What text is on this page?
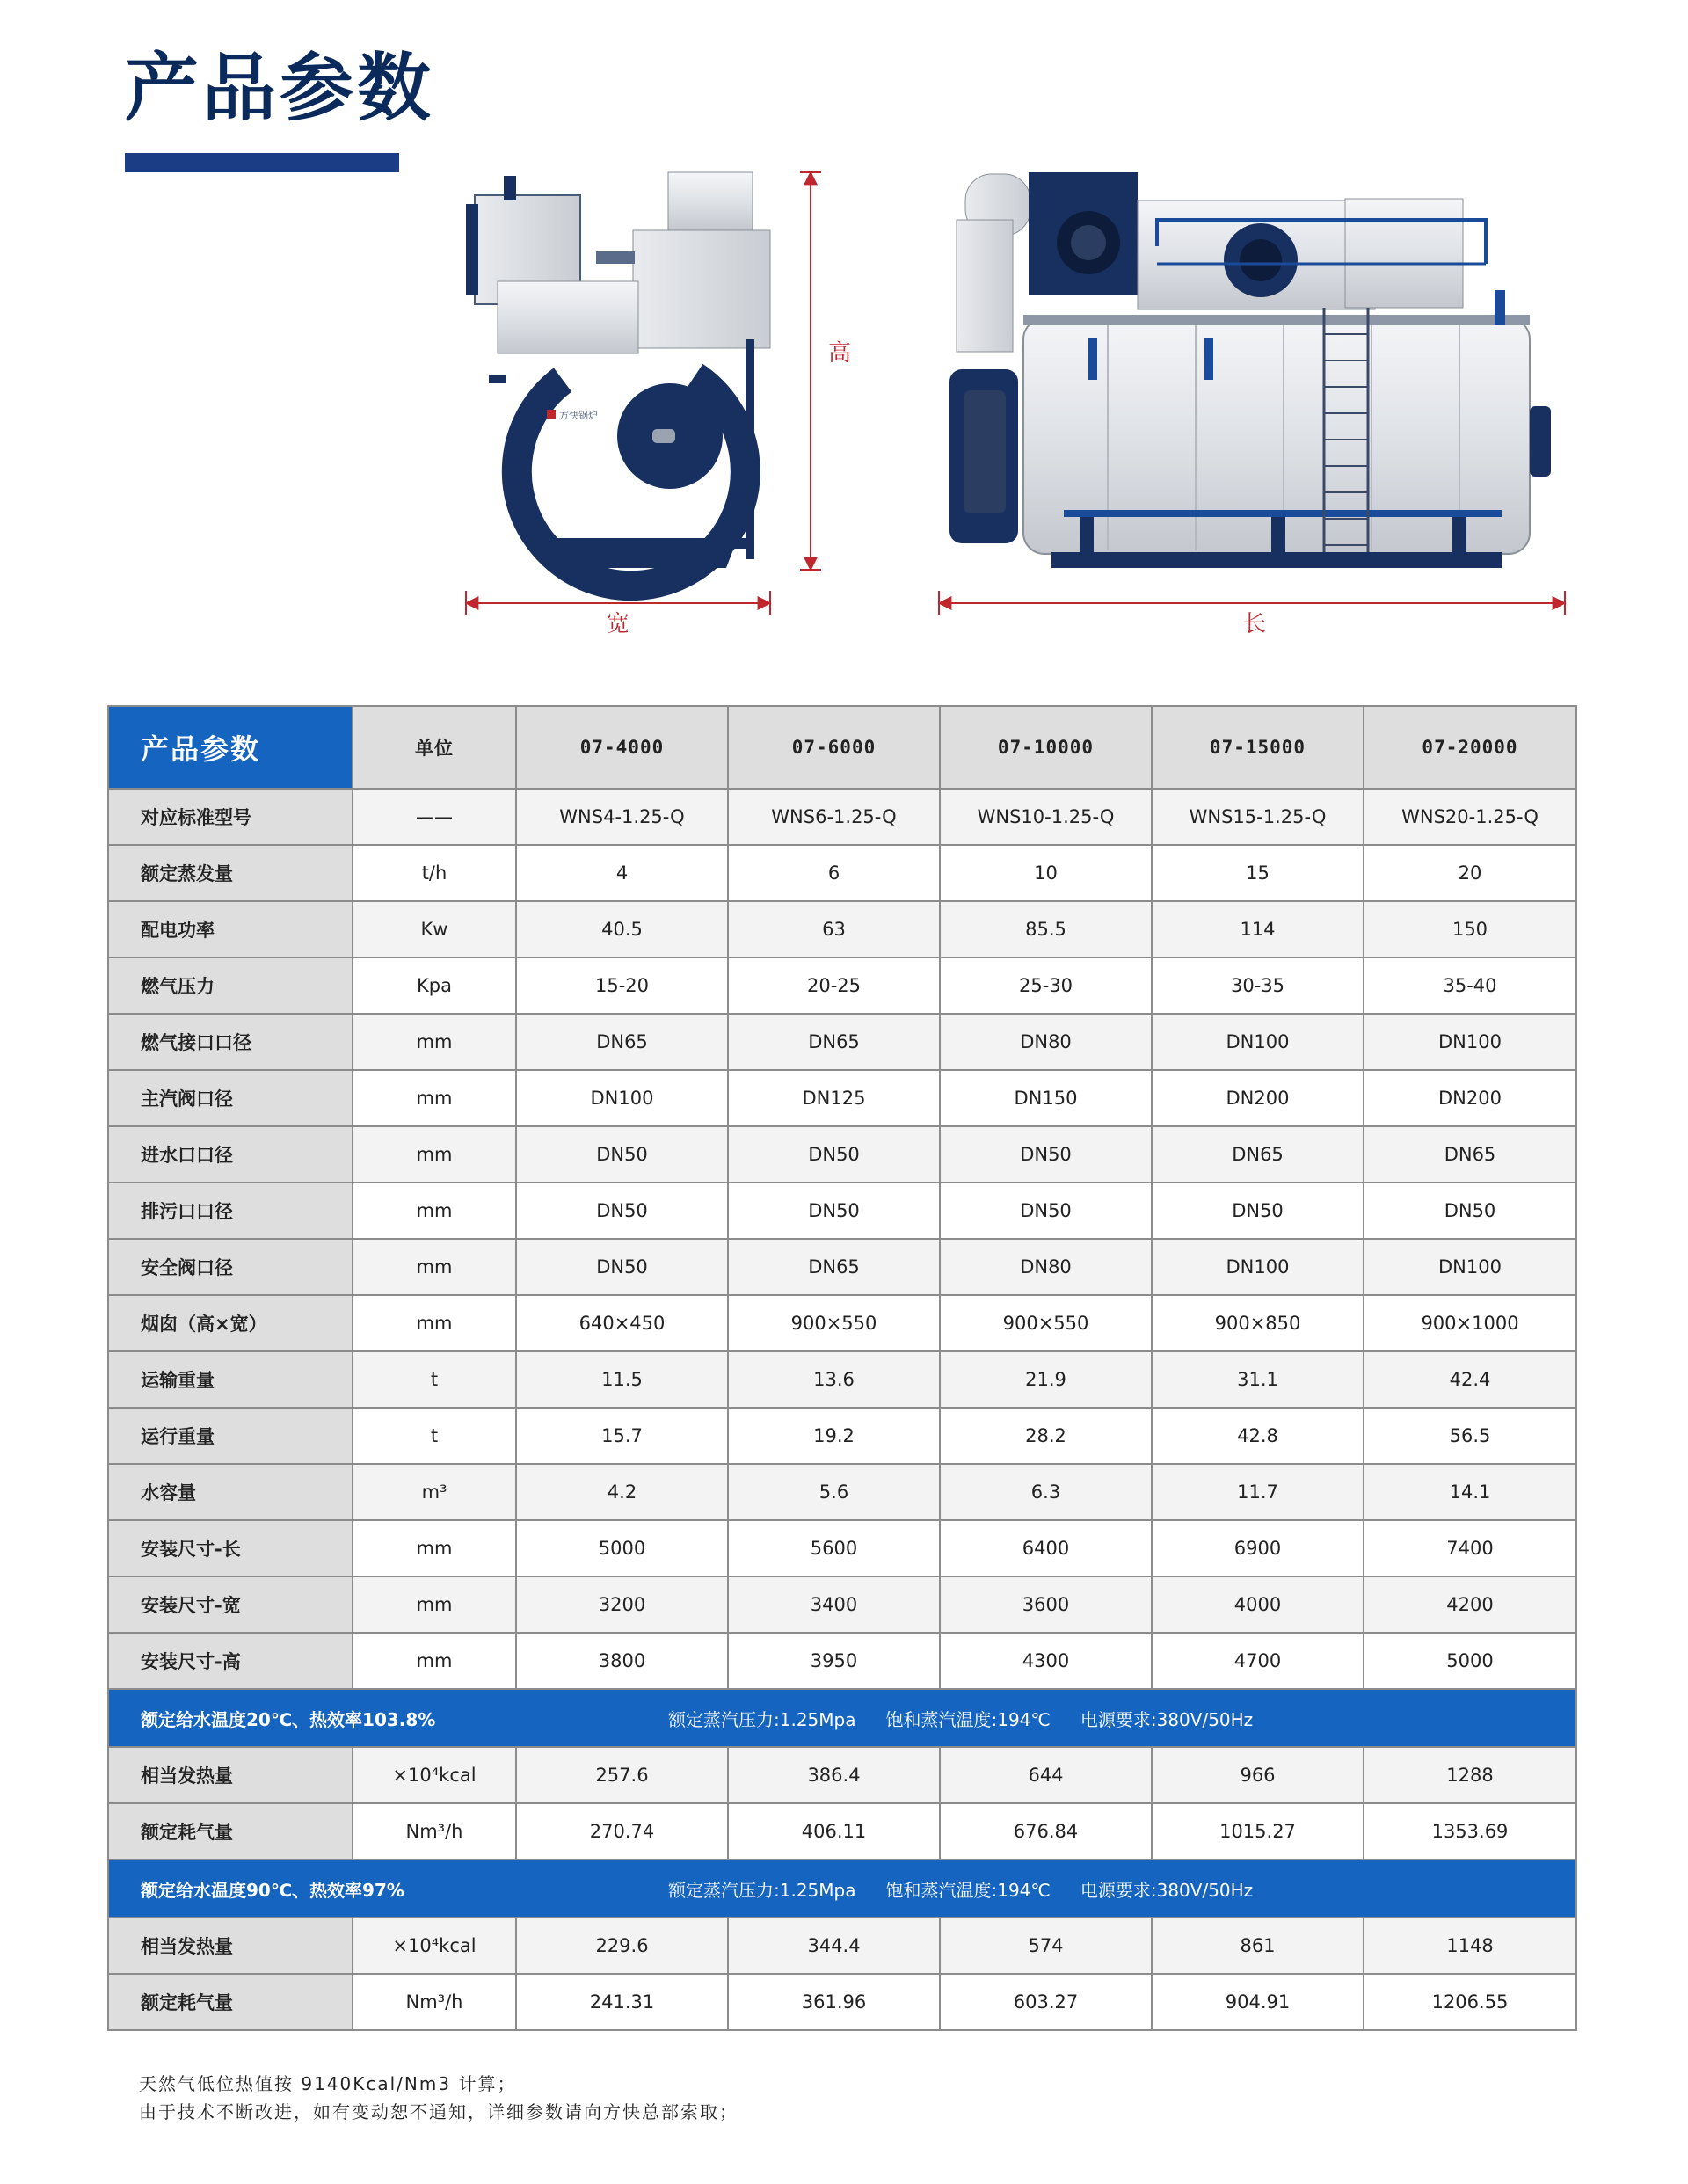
产品参数
方快锅炉
高
宽	长
产品参数	单位	07-4000	07-6000	07-10000	07-15000	07-20000
对应标准型号	——	WNS4-1.25-Q	WNS6-1.25-Q	WNS10-1.25-Q	WNS15-1.25-Q	WNS20-1.25-Q
额定蒸发量	t/h	4	6	10	15	20
配电功率	Kw	40.5	63	85.5	114	150
燃气压力	Kpa	15-20	20-25	25-30	30-35	35-40
燃气接口口径	mm	DN65	DN65	DN80	DN100	DN100
主汽阀口径	mm	DN100	DN125	DN150	DN200	DN200
进水口口径	mm	DN50	DN50	DN50	DN65	DN65
排污口口径	mm	DN50	DN50	DN50	DN50	DN50
安全阀口径	mm	DN50	DN65	DN80	DN100	DN100
烟囱（高×宽）	mm	640×450	900×550	900×550	900×850	900×1000
运输重量	t	11.5	13.6	21.9	31.1	42.4
运行重量	t	15.7	19.2	28.2	42.8	56.5
水容量	m³	4.2	5.6	6.3	11.7	14.1
安装尺寸-长	mm	5000	5600	6400	6900	7400
安装尺寸-宽	mm	3200	3400	3600	4000	4200
安装尺寸-高	mm	3800	3950	4300	4700	5000
额定给水温度20℃、热效率103.8% 额定蒸汽压力:1.25Mpa 饱和蒸汽温度:194℃ 电源要求:380V/50Hz						
相当发热量	×10⁴kcal	257.6	386.4	644	966	1288
额定耗气量	Nm³/h	270.74	406.11	676.84	1015.27	1353.69
额定给水温度90℃、热效率97% 额定蒸汽压力:1.25Mpa 饱和蒸汽温度:194℃ 电源要求:380V/50Hz						
相当发热量	×10⁴kcal	229.6	344.4	574	861	1148
额定耗气量	Nm³/h	241.31	361.96	603.27	904.91	1206.55

天然气低位热值按 9140Kcal/Nm3 计算；

由于技术不断改进，如有变动恕不通知，详细参数请向方快总部索取；
